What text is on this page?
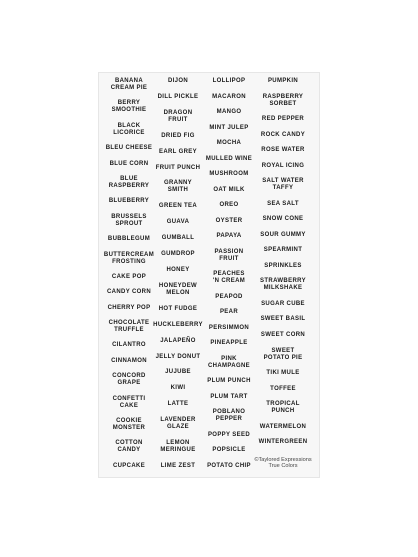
BANANA
CREAM PIE
BERRY
SMOOTHIE
BLACK
LICORICE
BLEU CHEESE
BLUE CORN
BLUE
RASPBERRY
BLUEBERRY
BRUSSELS
SPROUT
BUBBLEGUM
BUTTERCREAM
FROSTING
CAKE POP
CANDY CORN
CHERRY POP
CHOCOLATE
TRUFFLE
CILANTRO
CINNAMON
CONCORD
GRAPE
CONFETTI
CAKE
COOKIE
MONSTER
COTTON
CANDY
CUPCAKE
DIJON
DILL PICKLE
DRAGON
FRUIT
DRIED FIG
EARL GREY
FRUIT PUNCH
GRANNY
SMITH
GREEN TEA
GUAVA
GUMBALL
GUMDROP
HONEY
HONEYDEW
MELON
HOT FUDGE
HUCKLEBERRY
JALAPEÑO
JELLY DONUT
JUJUBE
KIWI
LATTE
LAVENDER
GLAZE
LEMON
MERINGUE
LIME ZEST
LOLLIPOP
MACARON
MANGO
MINT JULEP
MOCHA
MULLED WINE
MUSHROOM
OAT MILK
OREO
OYSTER
PAPAYA
PASSION
FRUIT
PEACHES
'N CREAM
PEAPOD
PEAR
PERSIMMON
PINEAPPLE
PINK
CHAMPAGNE
PLUM PUNCH
PLUM TART
POBLANO
PEPPER
POPPY SEED
POPSICLE
POTATO CHIP
PUMPKIN
RASPBERRY
SORBET
RED PEPPER
ROCK CANDY
ROSE WATER
ROYAL ICING
SALT WATER
TAFFY
SEA SALT
SNOW CONE
SOUR GUMMY
SPEARMINT
SPRINKLES
STRAWBERRY
MILKSHAKE
SUGAR CUBE
SWEET BASIL
SWEET CORN
SWEET
POTATO PIE
TIKI MULE
TOFFEE
TROPICAL
PUNCH
WATERMELON
WINTERGREEN
©Taylored Expressions
True Colors
